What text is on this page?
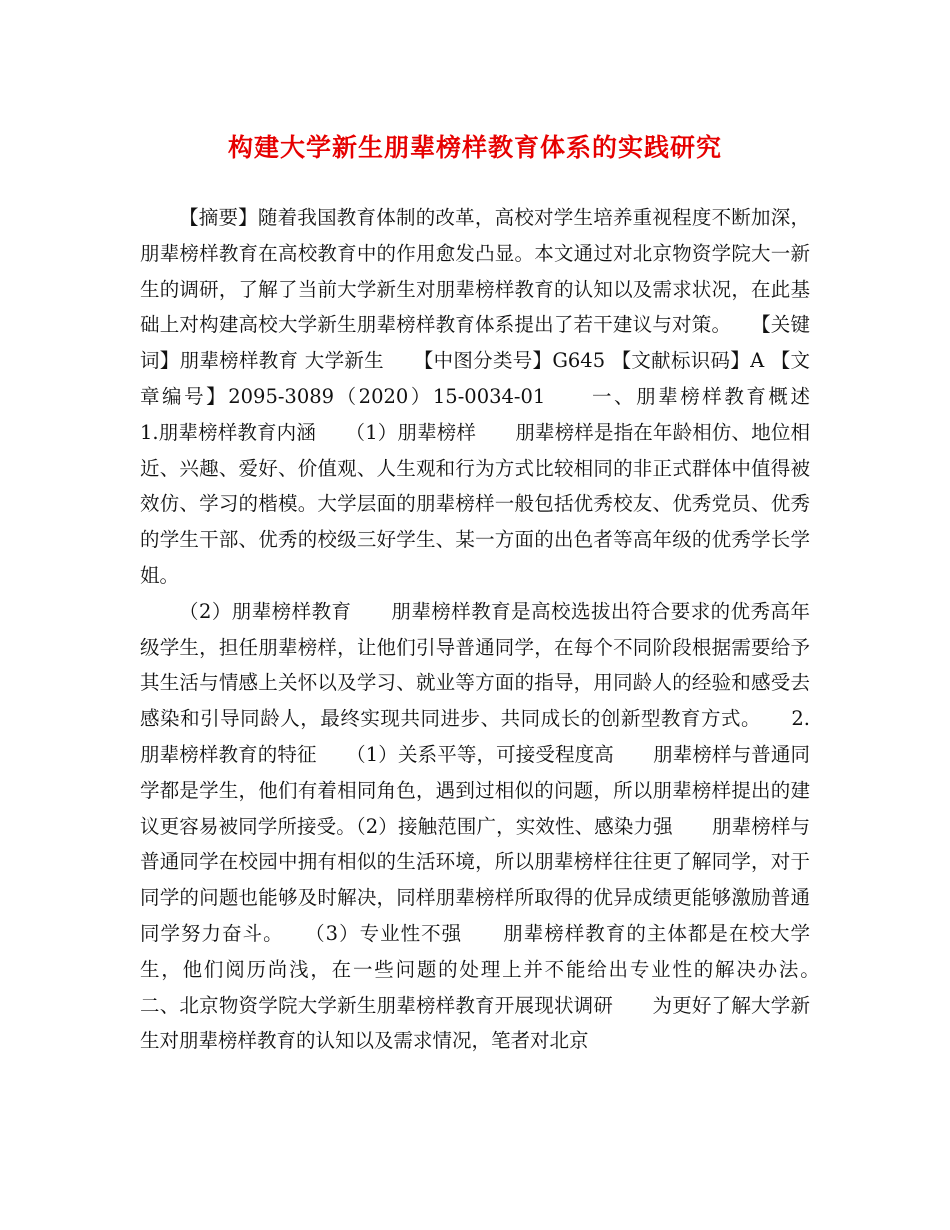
构建大学新生朋辈榜样教育体系的实践研究

【摘要】随着我国教育体制的改革，高校对学生培养重视程度不断加深，朋辈榜样教育在高校教育中的作用愈发凸显。本文通过对北京物资学院大一新生的调研，了解了当前大学新生对朋辈榜样教育的认知以及需求状况，在此基础上对构建高校大学新生朋辈榜样教育体系提出了若干建议与对策。　　【关键词】朋辈榜样教育 大学新生　　【中图分类号】G645 【文献标识码】A 【文章编号】2095-3089（2020）15-0034-01　　一、朋辈榜样教育概述　　1.朋辈榜样教育内涵　　（1）朋辈榜样　　朋辈榜样是指在年龄相仿、地位相近、兴趣、爱好、价值观、人生观和行为方式比较相同的非正式群体中值得被效仿、学习的楷模。大学层面的朋辈榜样一般包括优秀校友、优秀党员、优秀的学生干部、优秀的校级三好学生、某一方面的出色者等高年级的优秀学长学姐。

（2）朋辈榜样教育　　朋辈榜样教育是高校选拔出符合要求的优秀高年级学生，担任朋辈榜样，让他们引导普通同学，在每个不同阶段根据需要给予其生活与情感上关怀以及学习、就业等方面的指导，用同龄人的经验和感受去感染和引导同龄人，最终实现共同进步、共同成长的创新型教育方式。　　2.朋辈榜样教育的特征　　（1）关系平等，可接受程度高　　朋辈榜样与普通同学都是学生，他们有着相同角色，遇到过相似的问题，所以朋辈榜样提出的建议更容易被同学所接受。（2）接触范围广，实效性、感染力强　　朋辈榜样与普通同学在校园中拥有相似的生活环境，所以朋辈榜样往往更了解同学，对于同学的问题也能够及时解决，同样朋辈榜样所取得的优异成绩更能够激励普通同学努力奋斗。　　（3）专业性不强　　朋辈榜样教育的主体都是在校大学生，他们阅历尚浅，在一些问题的处理上并不能给出专业性的解决办法。　　二、北京物资学院大学新生朋辈榜样教育开展现状调研　　为更好了解大学新生对朋辈榜样教育的认知以及需求情况，笔者对北京
